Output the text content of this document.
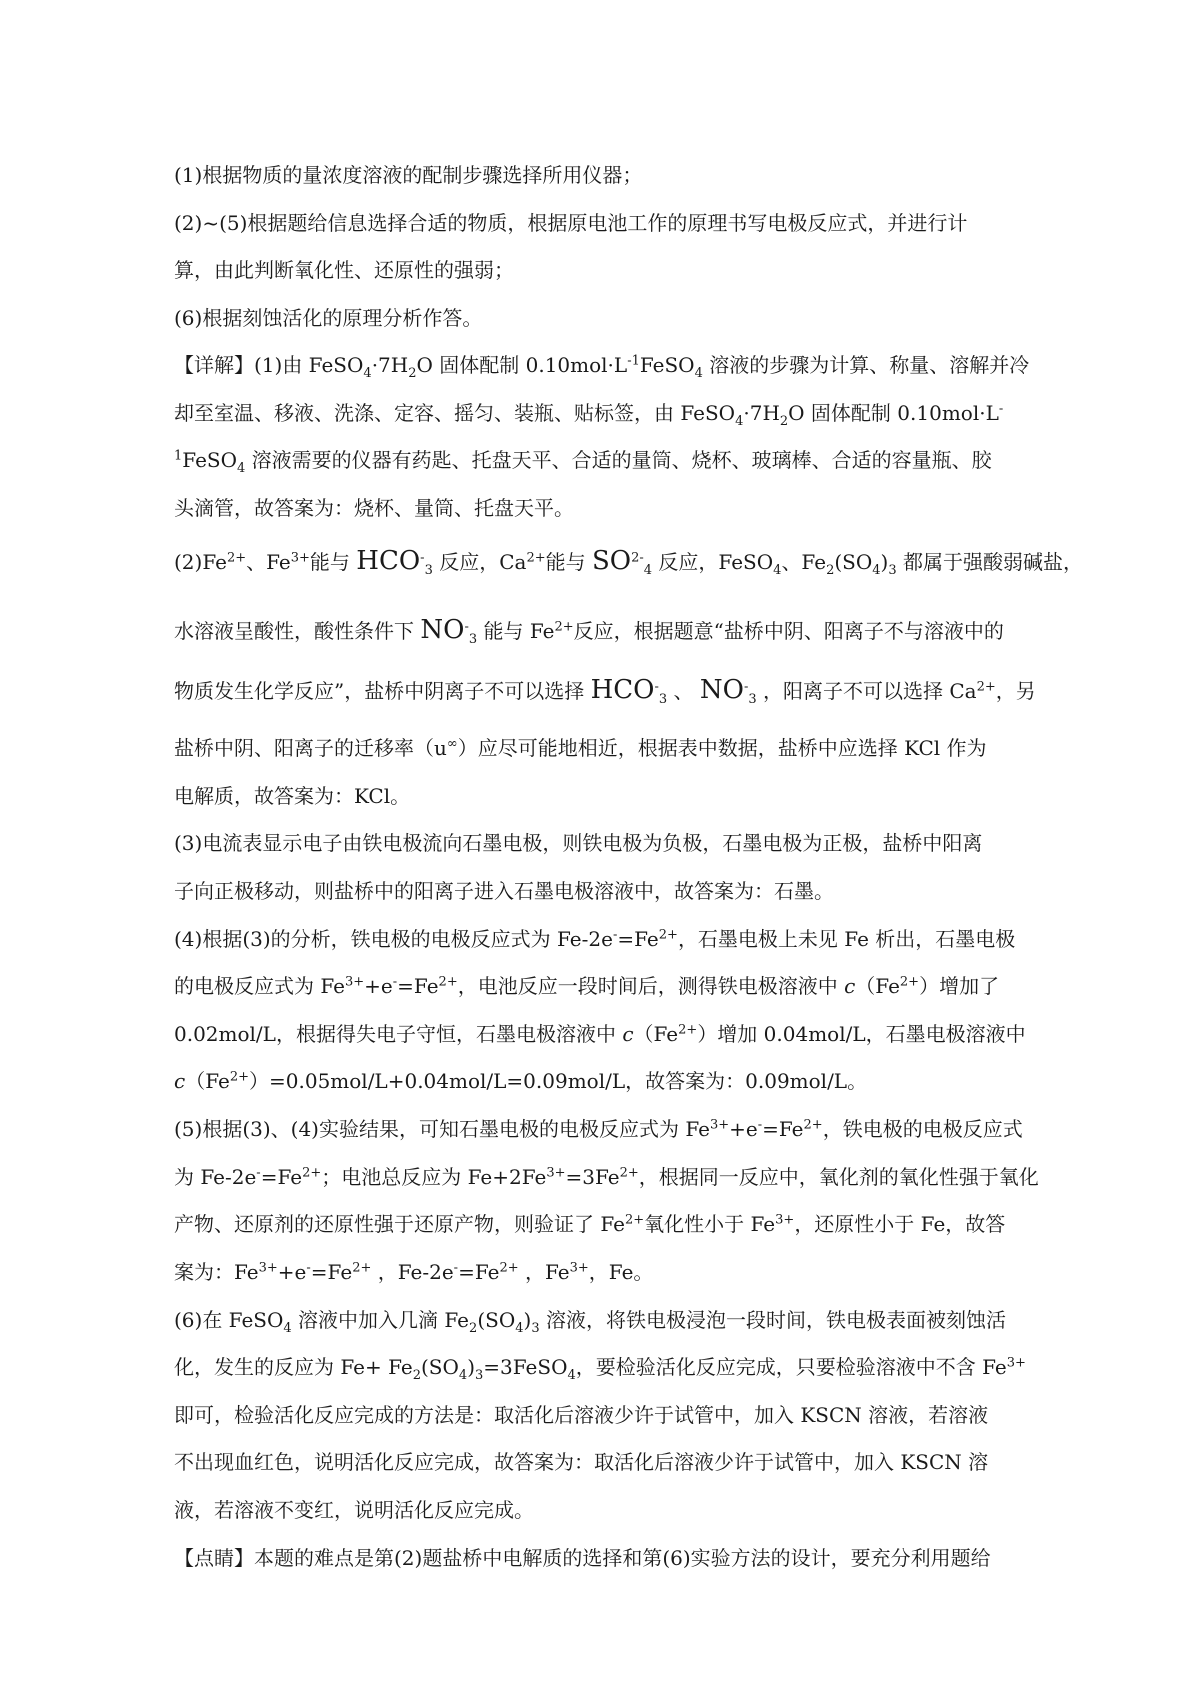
(1)根据物质的量浓度溶液的配制步骤选择所用仪器；
(2)~(5)根据题给信息选择合适的物质，根据原电池工作的原理书写电极反应式，并进行计
算，由此判断氧化性、还原性的强弱；
(6)根据刻蚀活化的原理分析作答。
【详解】(1)由 $FeSO_4\cdot 7H_2O$ 固体配制 $0.10mol\cdot L^{-1}FeSO_4$ 溶液的步骤为计算、称量、溶解并冷
却至室温、移液、洗涤、定容、摇匀、装瓶、贴标签，由 $FeSO_4\cdot 7H_2O$ 固体配制 0.10mol·L-
$^1$FeSO$_4$ 溶液需要的仪器有药匙、托盘天平、合适的量筒、烧杯、玻璃棒、合适的容量瓶、胶
头滴管，故答案为：烧杯、量筒、托盘天平。
$(2)Fe^{2+}$、$Fe^{3+}$能与 $HCO^-_3$ 反应，$Ca^{2+}$能与 $SO^{2-}_4$ 反应，FeSO$_4$、$Fe_2(SO_4)_3$ 都属于强酸弱碱盐，
水溶液呈酸性，酸性条件下 $NO^-_3$ 能与 $Fe^{2+}$反应，根据题意“盐桥中阴、阳离子不与溶液中的
物质发生化学反应”，盐桥中阴离子不可以选择 $HCO^-_3$ 、 $NO^-_3$ ，阳离子不可以选择 $Ca^{2+}$，另
盐桥中阴、阳离子的迁移率（u∞）应尽可能地相近，根据表中数据，盐桥中应选择 KCl 作为
电解质，故答案为：KCl。
(3)电流表显示电子由铁电极流向石墨电极，则铁电极为负极，石墨电极为正极，盐桥中阳离
子向正极移动，则盐桥中的阳离子进入石墨电极溶液中，故答案为：石墨。
(4)根据(3)的分析，铁电极的电极反应式为 $Fe-2e^-=Fe^{2+}$，石墨电极上未见 Fe 析出，石墨电极
的电极反应式为 $Fe^{3+}+e^-=Fe^{2+}$，电池反应一段时间后，测得铁电极溶液中 $c(Fe^{2+})$增加了
0.02mol/L，根据得失电子守恒，石墨电极溶液中 $c(Fe^{2+})$增加 0.04mol/L，石墨电极溶液中
$c(Fe^{2+})=0.05mol/L+0.04mol/L=0.09mol/L$，故答案为：0.09mol/L。
(5)根据(3)、(4)实验结果，可知石墨电极的电极反应式为 $Fe^{3+}+e^-=Fe^{2+}$，铁电极的电极反应式
为 $Fe-2e^-=Fe^{2+}$；电池总反应为 $Fe+2Fe^{3+}=3Fe^{2+}$，根据同一反应中，氧化剂的氧化性强于氧化
产物、还原剂的还原性强于还原产物，则验证了 $Fe^{2+}$氧化性小于 $Fe^{3+}$，还原性小于 Fe，故答
案为：$Fe^{3+}+e^-=Fe^{2+}$ ，$Fe-2e^-=Fe^{2+}$ ，$Fe^{3+}$，Fe。
(6)在 FeSO$_4$ 溶液中加入几滴 $Fe_2(SO_4)_3$ 溶液，将铁电极浸泡一段时间，铁电极表面被刻蚀活
化，发生的反应为 $Fe+ Fe_2(SO_4)_3=3FeSO_4$，要检验活化反应完成，只要检验溶液中不含 $Fe^{3+}$
即可，检验活化反应完成的方法是：取活化后溶液少许于试管中，加入 KSCN 溶液，若溶液
不出现血红色，说明活化反应完成，故答案为：取活化后溶液少许于试管中，加入 KSCN 溶
液，若溶液不变红，说明活化反应完成。
【点睛】本题的难点是第(2)题盐桥中电解质的选择和第(6)实验方法的设计，要充分利用题给
